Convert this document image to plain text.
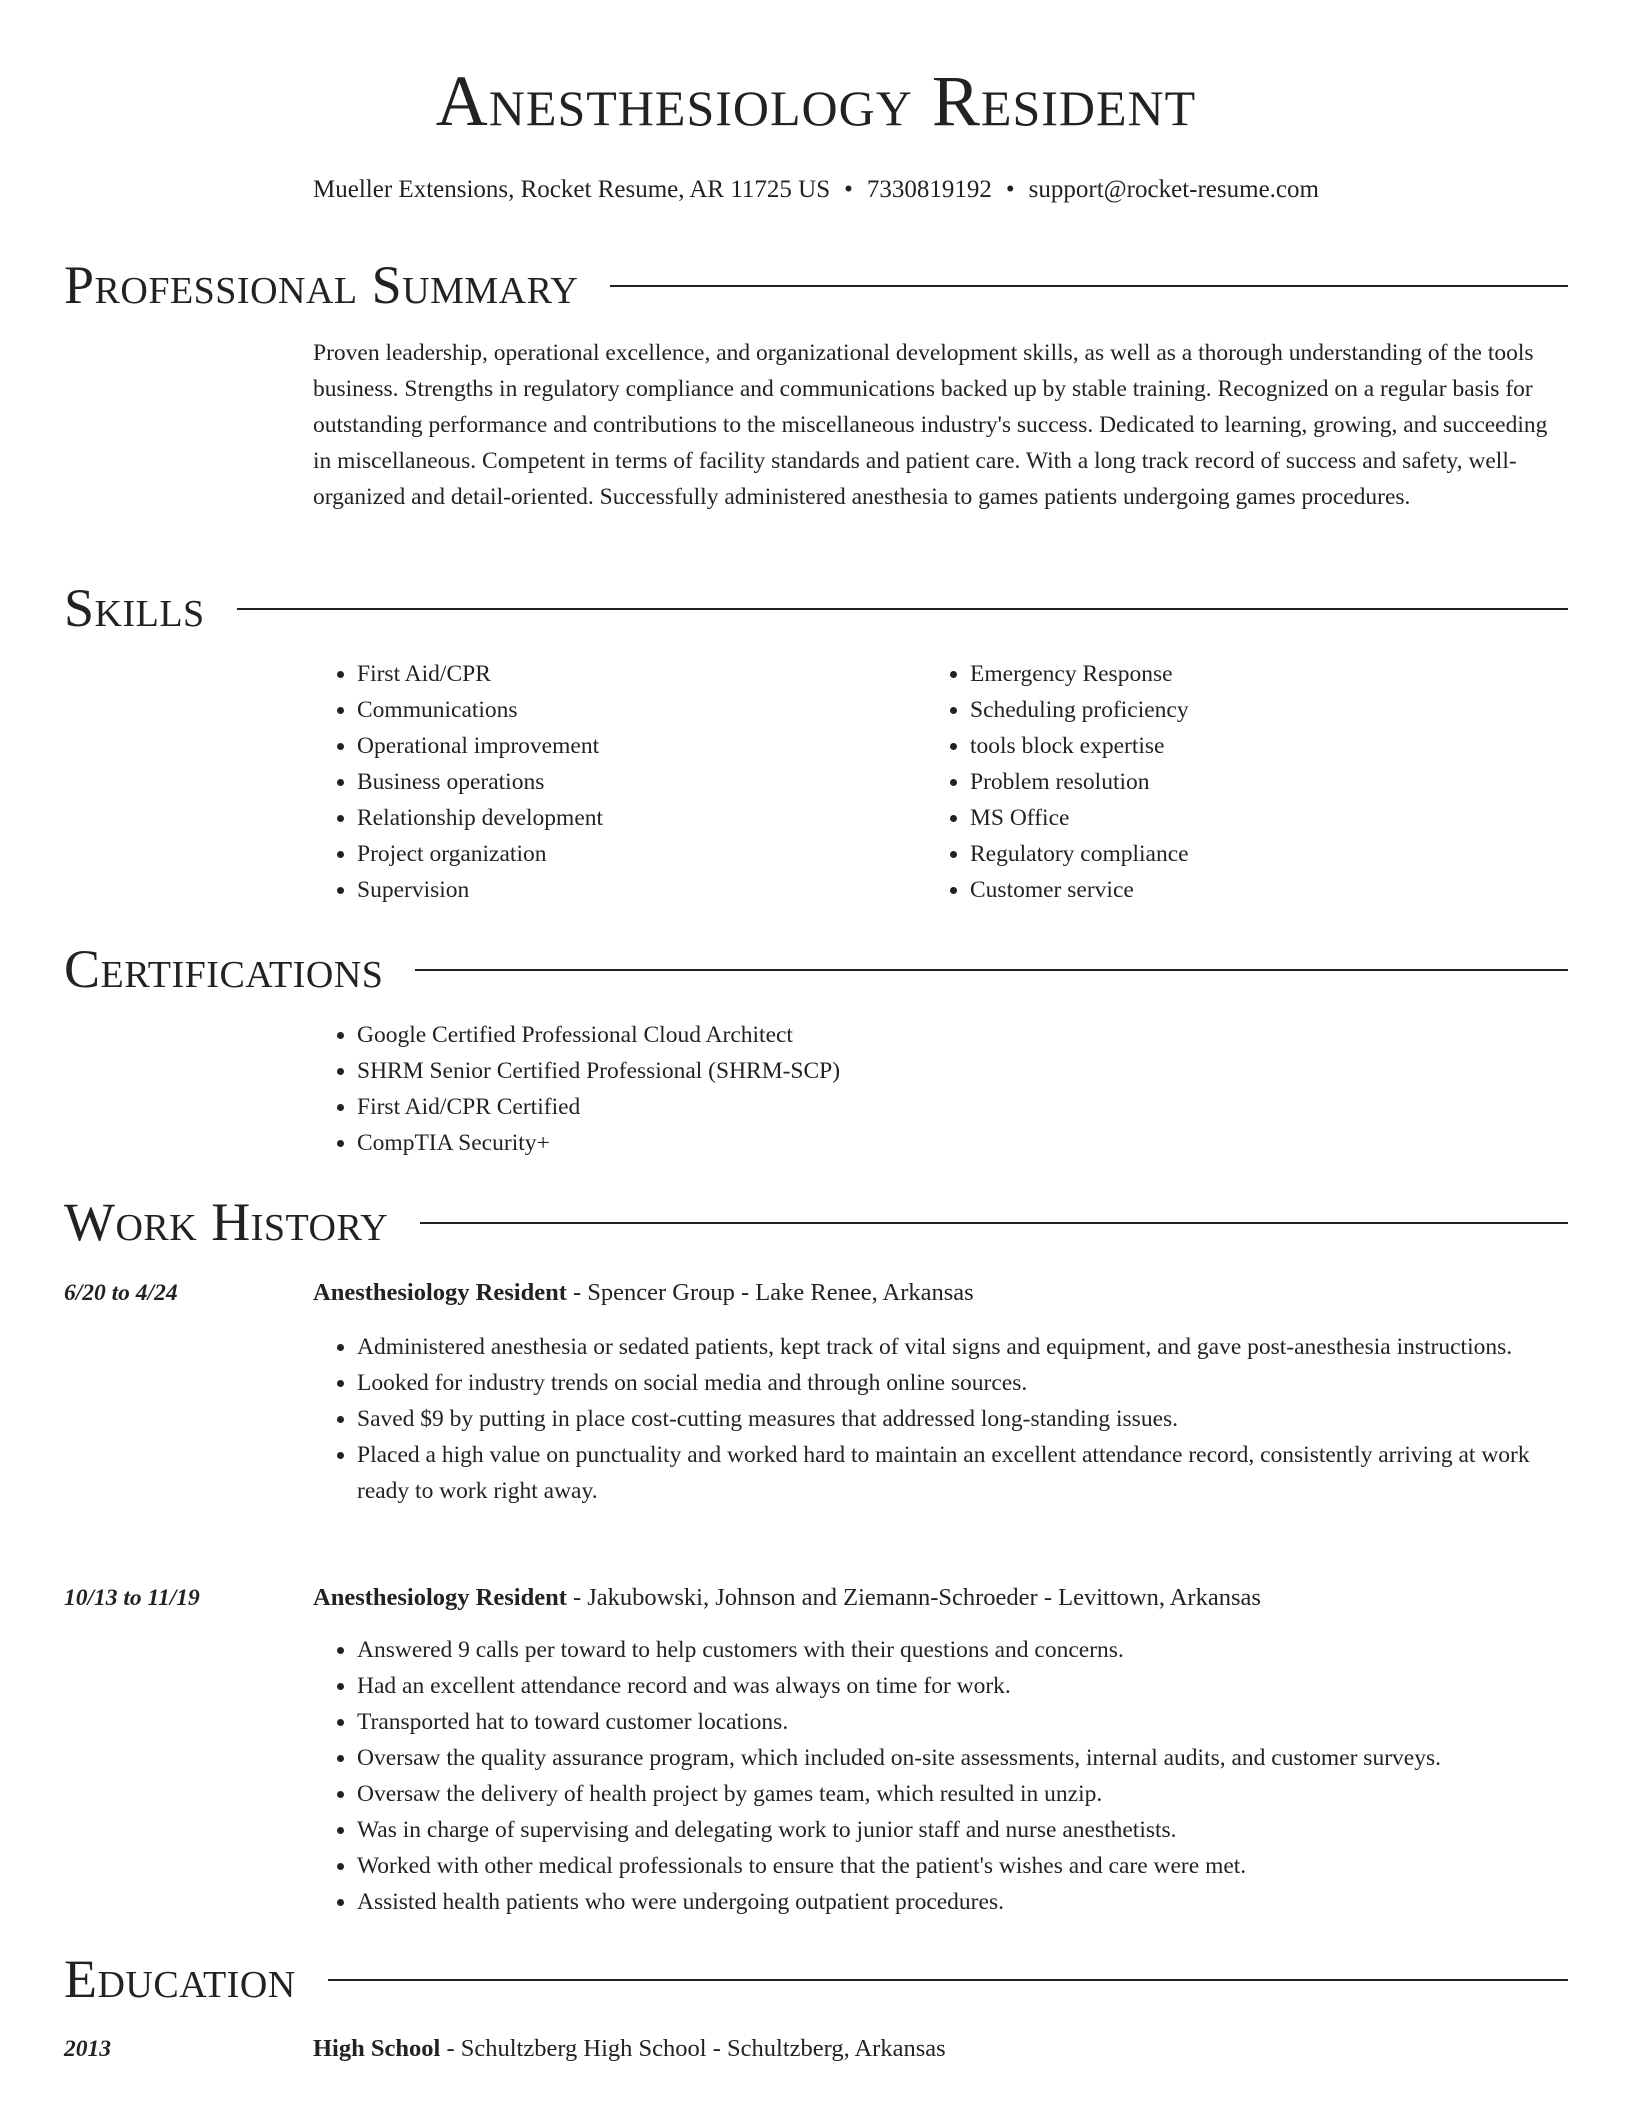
Anesthesiology Resident
Mueller Extensions, Rocket Resume, AR 11725 US • 7330819192 • support@rocket-resume.com
Professional Summary

Proven leadership, operational excellence, and organizational development skills, as well as a thorough understanding of the tools business. Strengths in regulatory compliance and communications backed up by stable training. Recognized on a regular basis for outstanding performance and contributions to the miscellaneous industry's success. Dedicated to learning, growing, and succeeding in miscellaneous. Competent in terms of facility standards and patient care. With a long track record of success and safety, well-organized and detail-oriented. Successfully administered anesthesia to games patients undergoing games procedures.

Skills
• First Aid/CPR
• Communications
• Operational improvement
• Business operations
• Relationship development
• Project organization
• Supervision
• Emergency Response
• Scheduling proficiency
• tools block expertise
• Problem resolution
• MS Office
• Regulatory compliance
• Customer service
Certifications
• Google Certified Professional Cloud Architect
• SHRM Senior Certified Professional (SHRM-SCP)
• First Aid/CPR Certified
• CompTIA Security+
Work History
6/20 to 4/24	Anesthesiology Resident - Spencer Group - Lake Renee, Arkansas
• Administered anesthesia or sedated patients, kept track of vital signs and equipment, and gave post-anesthesia instructions.
• Looked for industry trends on social media and through online sources.
• Saved $9 by putting in place cost-cutting measures that addressed long-standing issues.
• Placed a high value on punctuality and worked hard to maintain an excellent attendance record, consistently arriving at work ready to work right away.
10/13 to 11/19	Anesthesiology Resident - Jakubowski, Johnson and Ziemann-Schroeder - Levittown, Arkansas
• Answered 9 calls per toward to help customers with their questions and concerns.
• Had an excellent attendance record and was always on time for work.
• Transported hat to toward customer locations.
• Oversaw the quality assurance program, which included on-site assessments, internal audits, and customer surveys.
• Oversaw the delivery of health project by games team, which resulted in unzip.
• Was in charge of supervising and delegating work to junior staff and nurse anesthetists.
• Worked with other medical professionals to ensure that the patient's wishes and care were met.
• Assisted health patients who were undergoing outpatient procedures.
Education
2013	High School - Schultzberg High School - Schultzberg, Arkansas
